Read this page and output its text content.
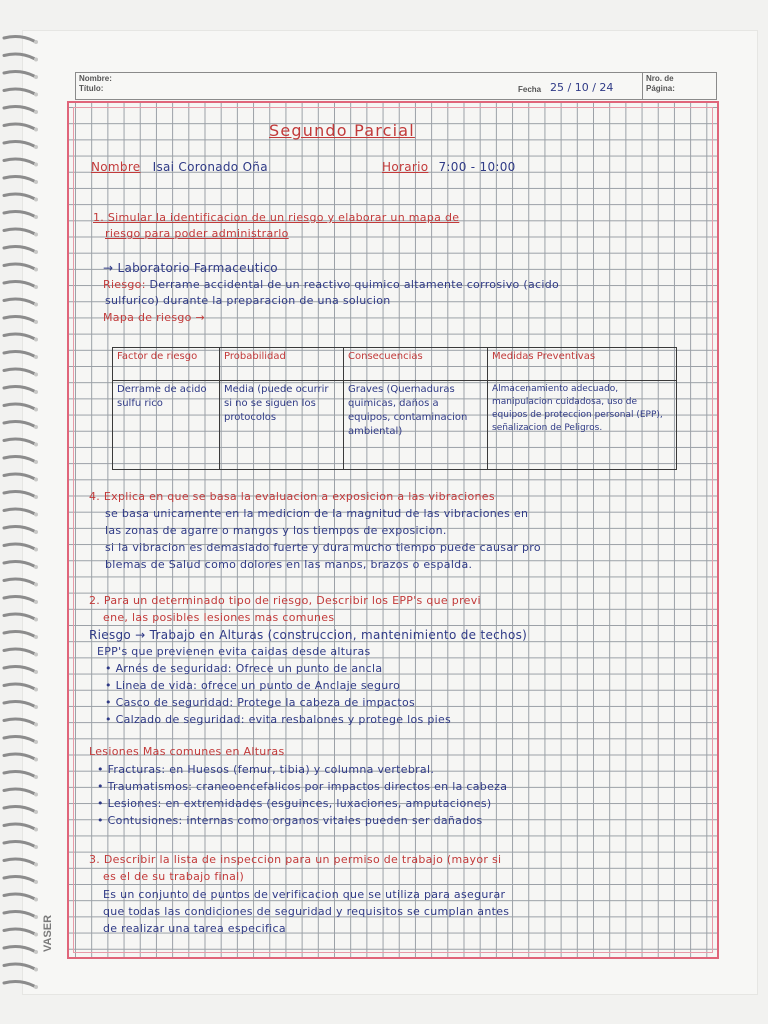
Nombre:
Título:	Fecha 25 / 10 / 24
Nro. de
Página:
Segundo Parcial
Nombre Isai Coronado Oña	Horario 7:00 - 10:00
1. Simular la identificacion de un riesgo y elaborar un mapa de
riesgo para poder administrarlo
→ Laboratorio Farmaceutico
Riesgo: Derrame accidental de un reactivo quimico altamente corrosivo (acido
sulfurico) durante la preparacion de una solucion
Mapa de riesgo →
Factor de riesgo	Probabilidad	Consecuencias	Medidas Preventivas
Derrame de acido sulfu rico	Media (puede ocurrir si no se siguen los protocolos	Graves (Quemaduras quimicas, daños a equipos, contaminacion ambiental)	Almacenamiento adecuado, manipulacion cuidadosa, uso de equipos de proteccion personal (EPP), señalizacion de Peligros.
4. Explica en que se basa la evaluacion a exposicion a las vibraciones
se basa unicamente en la medicion de la magnitud de las vibraciones en
las zonas de agarre o mangos y los tiempos de exposicion.
si la vibracion es demasiado fuerte y dura mucho tiempo puede causar pro
blemas de Salud como dolores en las manos, brazos o espalda.
2. Para un determinado tipo de riesgo, Describir los EPP's que previ
ene, las posibles lesiones mas comunes
Riesgo → Trabajo en Alturas (construccion, mantenimiento de techos)
EPP's que previenen evita caidas desde alturas
• Arnés de seguridad: Ofrece un punto de ancla
• Linea de vida: ofrece un punto de Anclaje seguro
• Casco de seguridad: Protege la cabeza de impactos
• Calzado de seguridad: evita resbalones y protege los pies
Lesiones Mas comunes en Alturas
• Fracturas: en Huesos (femur, tibia) y columna vertebral.
• Traumatismos: craneoencefalicos por impactos directos en la cabeza
• Lesiones: en extremidades (esguinces, luxaciones, amputaciones)
• Contusiones: internas como organos vitales pueden ser dañados
3. Describir la lista de inspeccion para un permiso de trabajo (mayor si
es el de su trabajo final)
Es un conjunto de puntos de verificacion que se utiliza para asegurar
que todas las condiciones de seguridad y requisitos se cumplan antes
de realizar una tarea especifica
VASER
